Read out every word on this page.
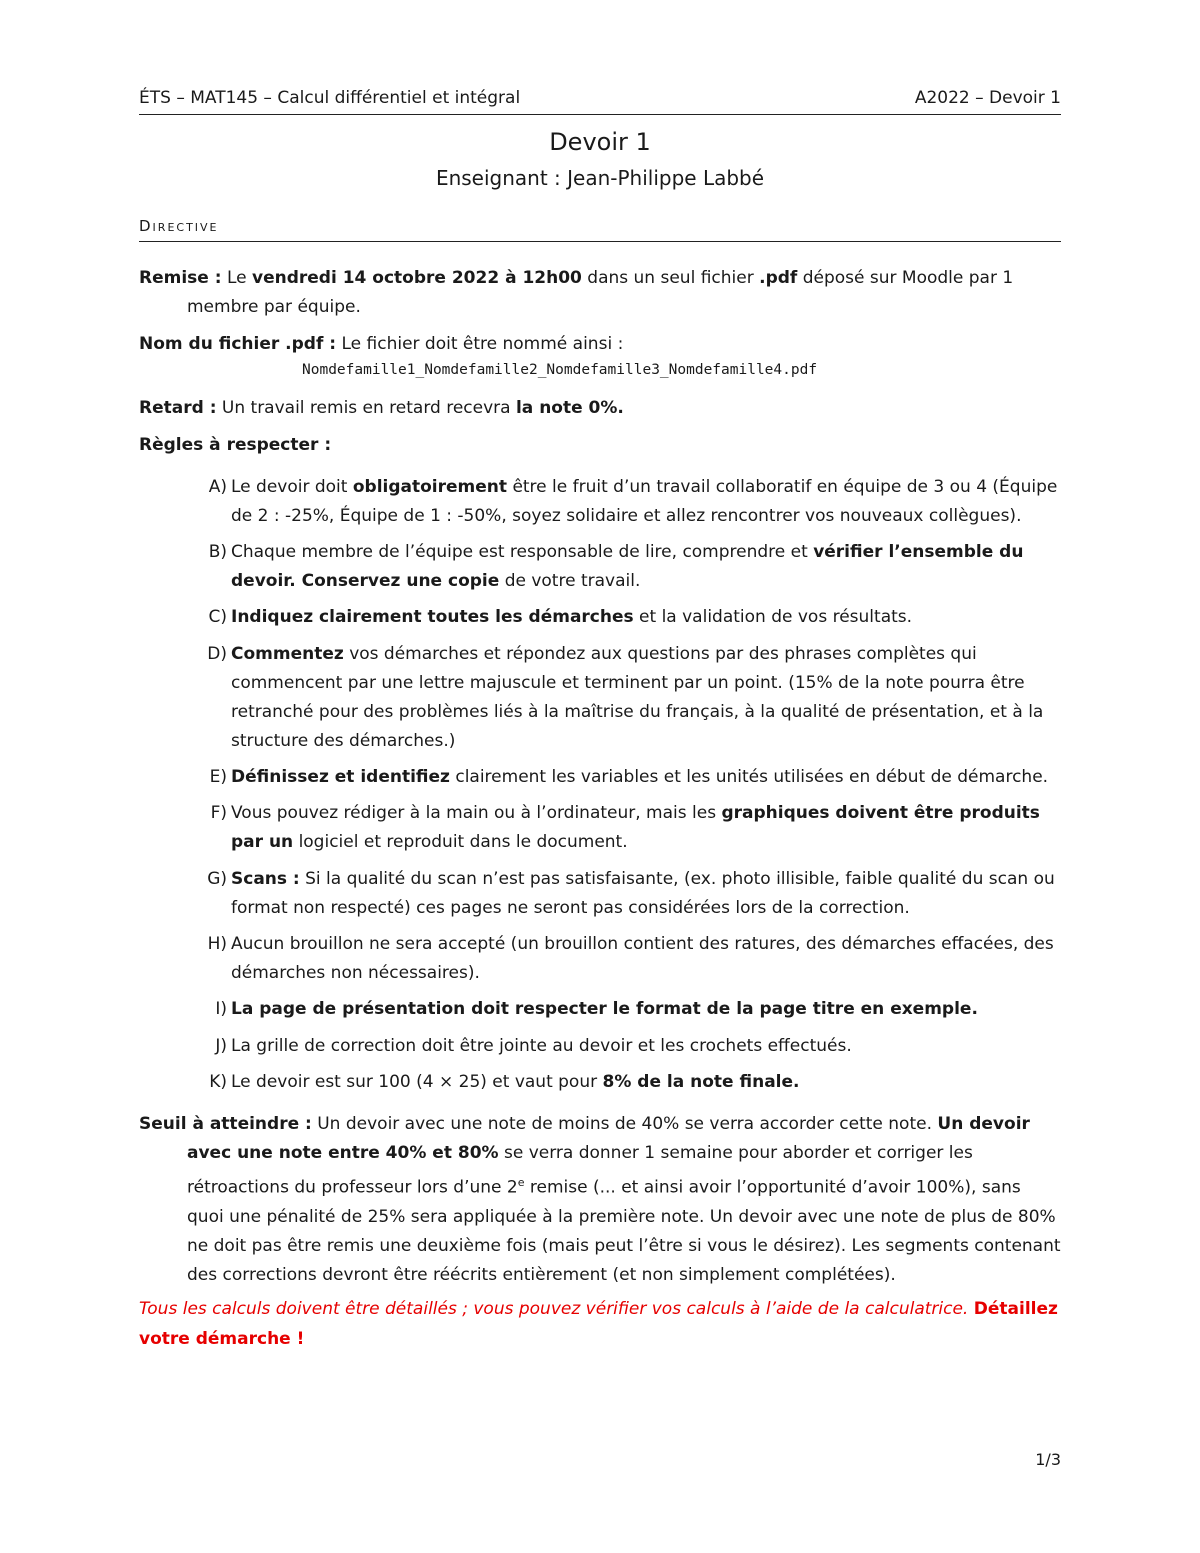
ÉTS – MAT145 – Calcul différentiel et intégral	A2022 – Devoir 1
Devoir 1
Enseignant : Jean-Philippe Labbé
Directive
Remise : Le vendredi 14 octobre 2022 à 12h00 dans un seul fichier .pdf déposé sur Moodle par 1 membre par équipe.
Nom du fichier .pdf : Le fichier doit être nommé ainsi :
Nomdefamille1_Nomdefamille2_Nomdefamille3_Nomdefamille4.pdf
Retard : Un travail remis en retard recevra la note 0%.
Règles à respecter :
A) Le devoir doit obligatoirement être le fruit d’un travail collaboratif en équipe de 3 ou 4 (Équipe de 2 : -25%, Équipe de 1 : -50%, soyez solidaire et allez rencontrer vos nouveaux collègues).
B) Chaque membre de l’équipe est responsable de lire, comprendre et vérifier l’ensemble du devoir. Conservez une copie de votre travail.
C) Indiquez clairement toutes les démarches et la validation de vos résultats.
D) Commentez vos démarches et répondez aux questions par des phrases complètes qui commencent par une lettre majuscule et terminent par un point. (15% de la note pourra être retranché pour des problèmes liés à la maîtrise du français, à la qualité de présentation, et à la structure des démarches.)
E) Définissez et identifiez clairement les variables et les unités utilisées en début de démarche.
F) Vous pouvez rédiger à la main ou à l’ordinateur, mais les graphiques doivent être produits par un logiciel et reproduit dans le document.
G) Scans : Si la qualité du scan n’est pas satisfaisante, (ex. photo illisible, faible qualité du scan ou format non respecté) ces pages ne seront pas considérées lors de la correction.
H) Aucun brouillon ne sera accepté (un brouillon contient des ratures, des démarches effacées, des démarches non nécessaires).
I) La page de présentation doit respecter le format de la page titre en exemple.
J) La grille de correction doit être jointe au devoir et les crochets effectués.
K) Le devoir est sur 100 (4 × 25) et vaut pour 8% de la note finale.
Seuil à atteindre : Un devoir avec une note de moins de 40% se verra accorder cette note. Un devoir avec une note entre 40% et 80% se verra donner 1 semaine pour aborder et corriger les rétroactions du professeur lors d’une 2e remise (... et ainsi avoir l’opportunité d’avoir 100%), sans quoi une pénalité de 25% sera appliquée à la première note. Un devoir avec une note de plus de 80% ne doit pas être remis une deuxième fois (mais peut l’être si vous le désirez). Les segments contenant des corrections devront être réécrits entièrement (et non simplement complétées).
Tous les calculs doivent être détaillés ; vous pouvez vérifier vos calculs à l’aide de la calculatrice. Détaillez votre démarche !
1/3
